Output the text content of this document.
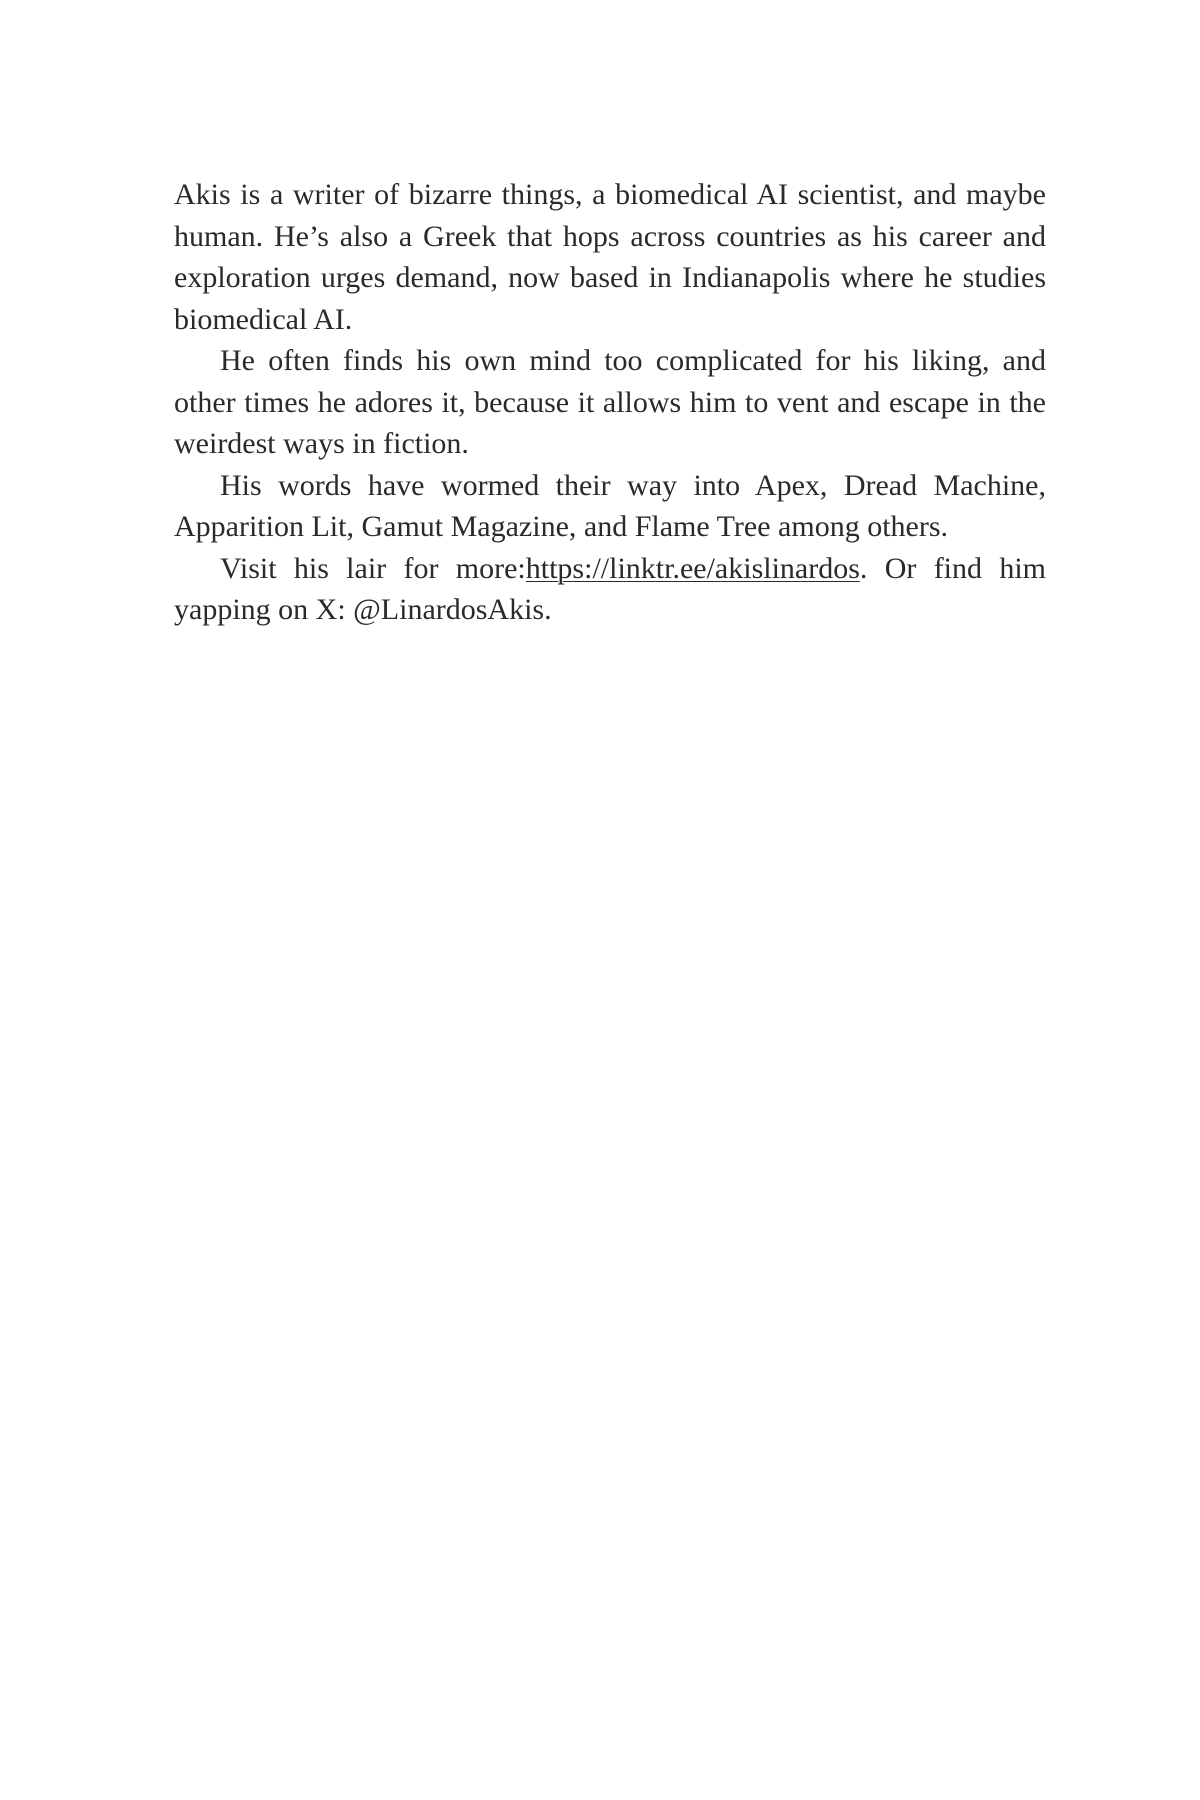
Akis is a writer of bizarre things, a biomedical AI scientist, and maybe human. He’s also a Greek that hops across countries as his career and exploration urges demand, now based in Indianapolis where he studies biomedical AI.

He often finds his own mind too complicated for his liking, and other times he adores it, because it allows him to vent and escape in the weirdest ways in fiction.

His words have wormed their way into Apex, Dread Machine, Apparition Lit, Gamut Magazine, and Flame Tree among others.

Visit his lair for more:https://linktr.ee/akislinardos. Or find him yapping on X: @LinardosAkis.
